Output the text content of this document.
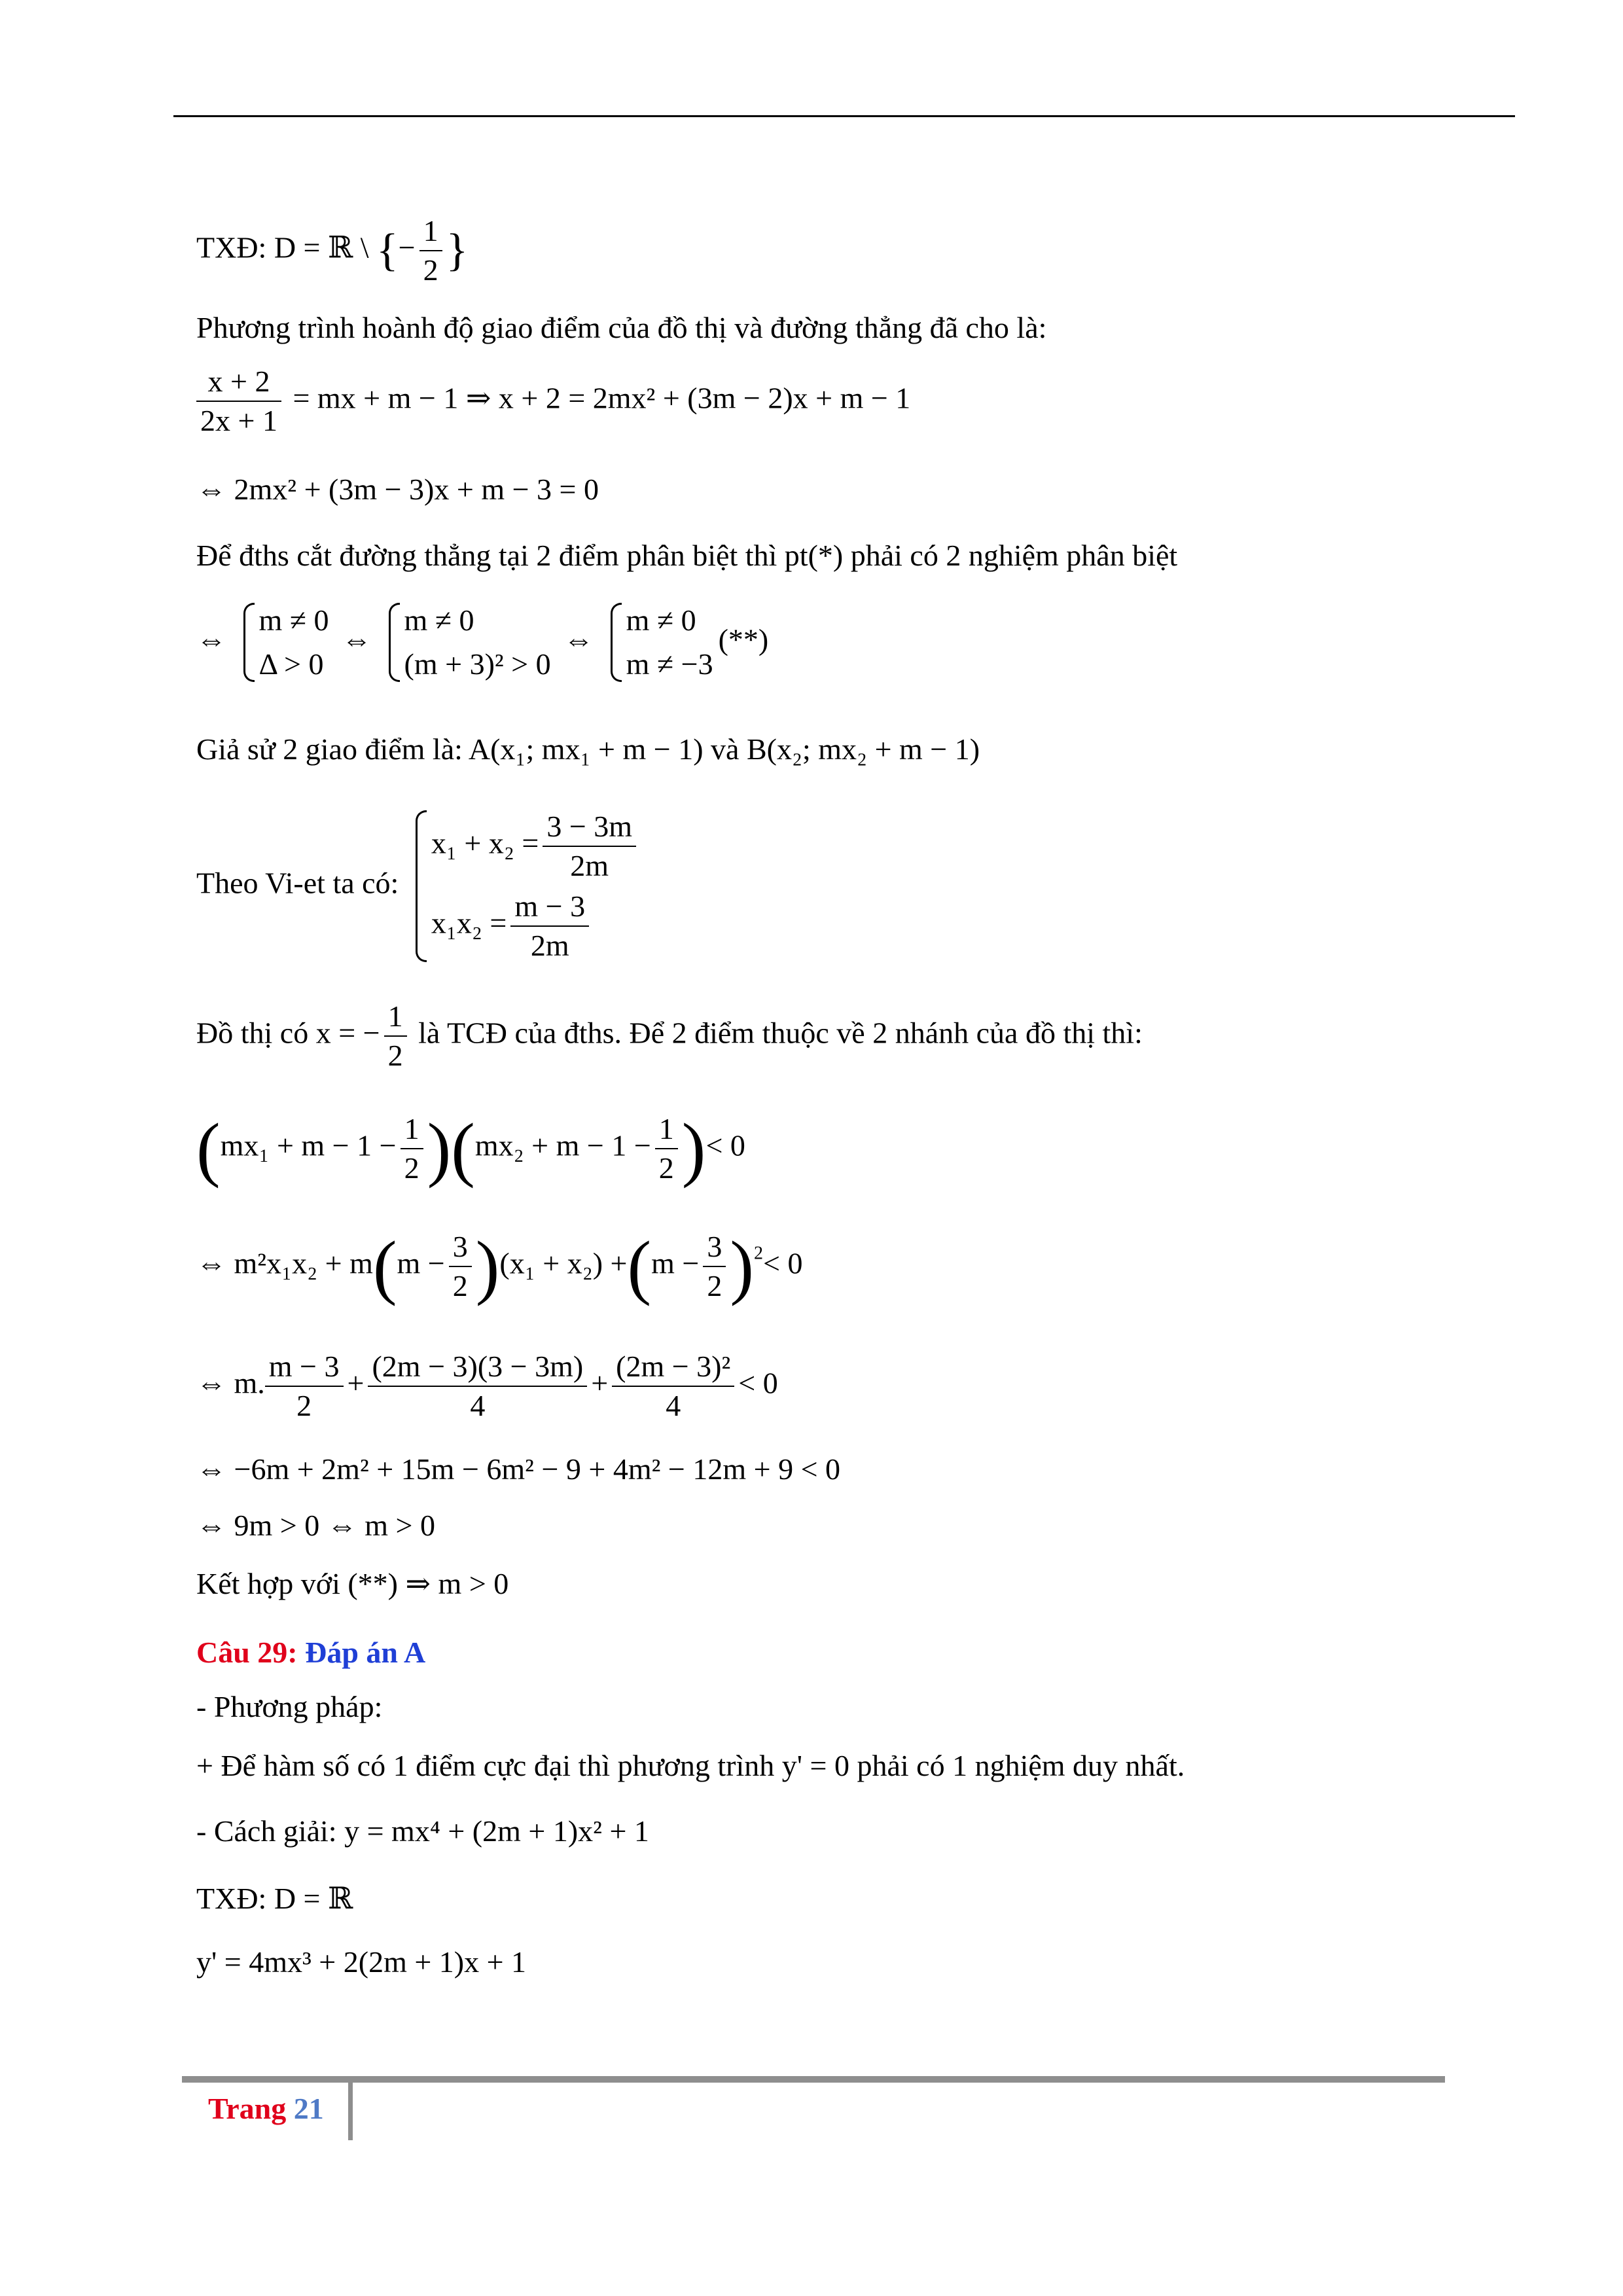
TXĐ: D = ℝ \ {− $\frac{1}{2}$ }
Phương trình hoành độ giao điểm của đồ thị và đường thẳng đã cho là:
$\frac{x + 2}{2x + 1}$ = mx + m − 1 ⇒ x + 2 = 2mx² + (3m − 2)x + m − 1
⇔ 2mx² + (3m − 3)x + m − 3 = 0
Để đths cắt đường thẳng tại 2 điểm phân biệt thì pt(*) phải có 2 nghiệm phân biệt
⇔
m ≠ 0
Δ > 0
⇔
m ≠ 0
(m + 3)² > 0
⇔
m ≠ 0
m ≠ −3
(**)
Giả sử 2 giao điểm là: A(x₁; mx₁ + m − 1) và B(x₂; mx₂ + m − 1)
Theo Vi-et ta có:
$x_1 + x_2 = \frac{3 - 3m}{2m}$
$x_1x_2 = \frac{m - 3}{2m}$
Đồ thị có x = − $\frac{1}{2}$ là TCĐ của đths. Để 2 điểm thuộc về 2 nhánh của đồ thị thì:
$(mx_1 + m - 1 - \frac{1}{2} )(mx_2 + m - 1 - \frac{1}{2}$ )< 0
⇔ $m^2x_1x_2 + m(m - \frac{3}{2} )(x_1 + x_2) +(m - \frac{3}{2} )^2< 0$
⇔ m. $\frac{m - 3}{2} + \frac{(2m - 3)(3 - 3m)}{4} + \frac{\text{(2m − 3)²}}{4} < 0$
⇔ −6m + 2m² + 15m − 6m² − 9 + 4m² − 12m + 9 < 0
⇔ 9m > 0 ⇔ m > 0
Kết hợp với (**) ⇒ m > 0
Câu 29: Đáp án A
- Phương pháp:
+ Để hàm số có 1 điểm cực đại thì phương trình y' = 0 phải có 1 nghiệm duy nhất.
- Cách giải: y = mx⁴ + (2m + 1)x² + 1
TXĐ: D = ℝ
y' = 4mx³ + 2(2m + 1)x + 1
Trang 21
